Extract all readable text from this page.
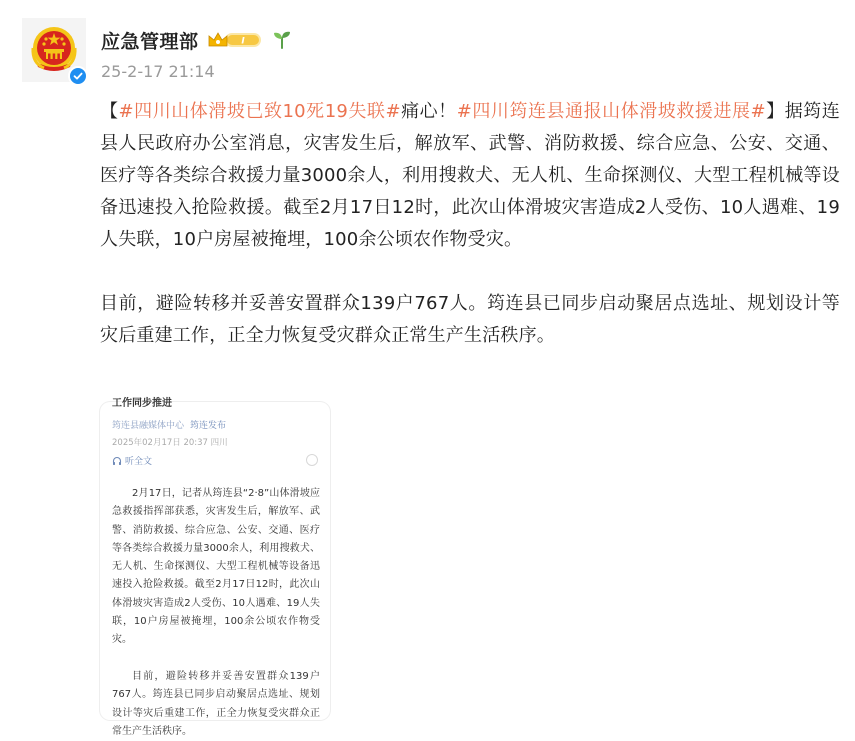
应急管理部	I
25-2-17 21:14

【#四川山体滑坡已致10死19失联#痛心！#四川筠连县通报山体滑坡救援进展#】据筠连县人民政府办公室消息，灾害发生后，解放军、武警、消防救援、综合应急、公安、交通、医疗等各类综合救援力量3000余人，利用搜救犬、无人机、生命探测仪、大型工程机械等设备迅速投入抢险救援。截至2月17日12时，此次山体滑坡灾害造成2人受伤、10人遇难、19人失联，10户房屋被掩埋，100余公顷农作物受灾。

目前，避险转移并妥善安置群众139户767人。筠连县已同步启动聚居点选址、规划设计等灾后重建工作，正全力恢复受灾群众正常生产生活秩序。

工作同步推进
筠连县融媒体中心 筠连发布
2025年02月17日 20:37 四川
听全文

2月17日，记者从筠连县“2·8”山体滑坡应急救援指挥部获悉，灾害发生后，解放军、武警、消防救援、综合应急、公安、交通、医疗等各类综合救援力量3000余人，利用搜救犬、无人机、生命探测仪、大型工程机械等设备迅速投入抢险救援。截至2月17日12时，此次山体滑坡灾害造成2人受伤、10人遇难、19人失联，10户房屋被掩埋，100余公顷农作物受灾。

目前，避险转移并妥善安置群众139户767人。筠连县已同步启动聚居点选址、规划设计等灾后重建工作，正全力恢复受灾群众正常生产生活秩序。
